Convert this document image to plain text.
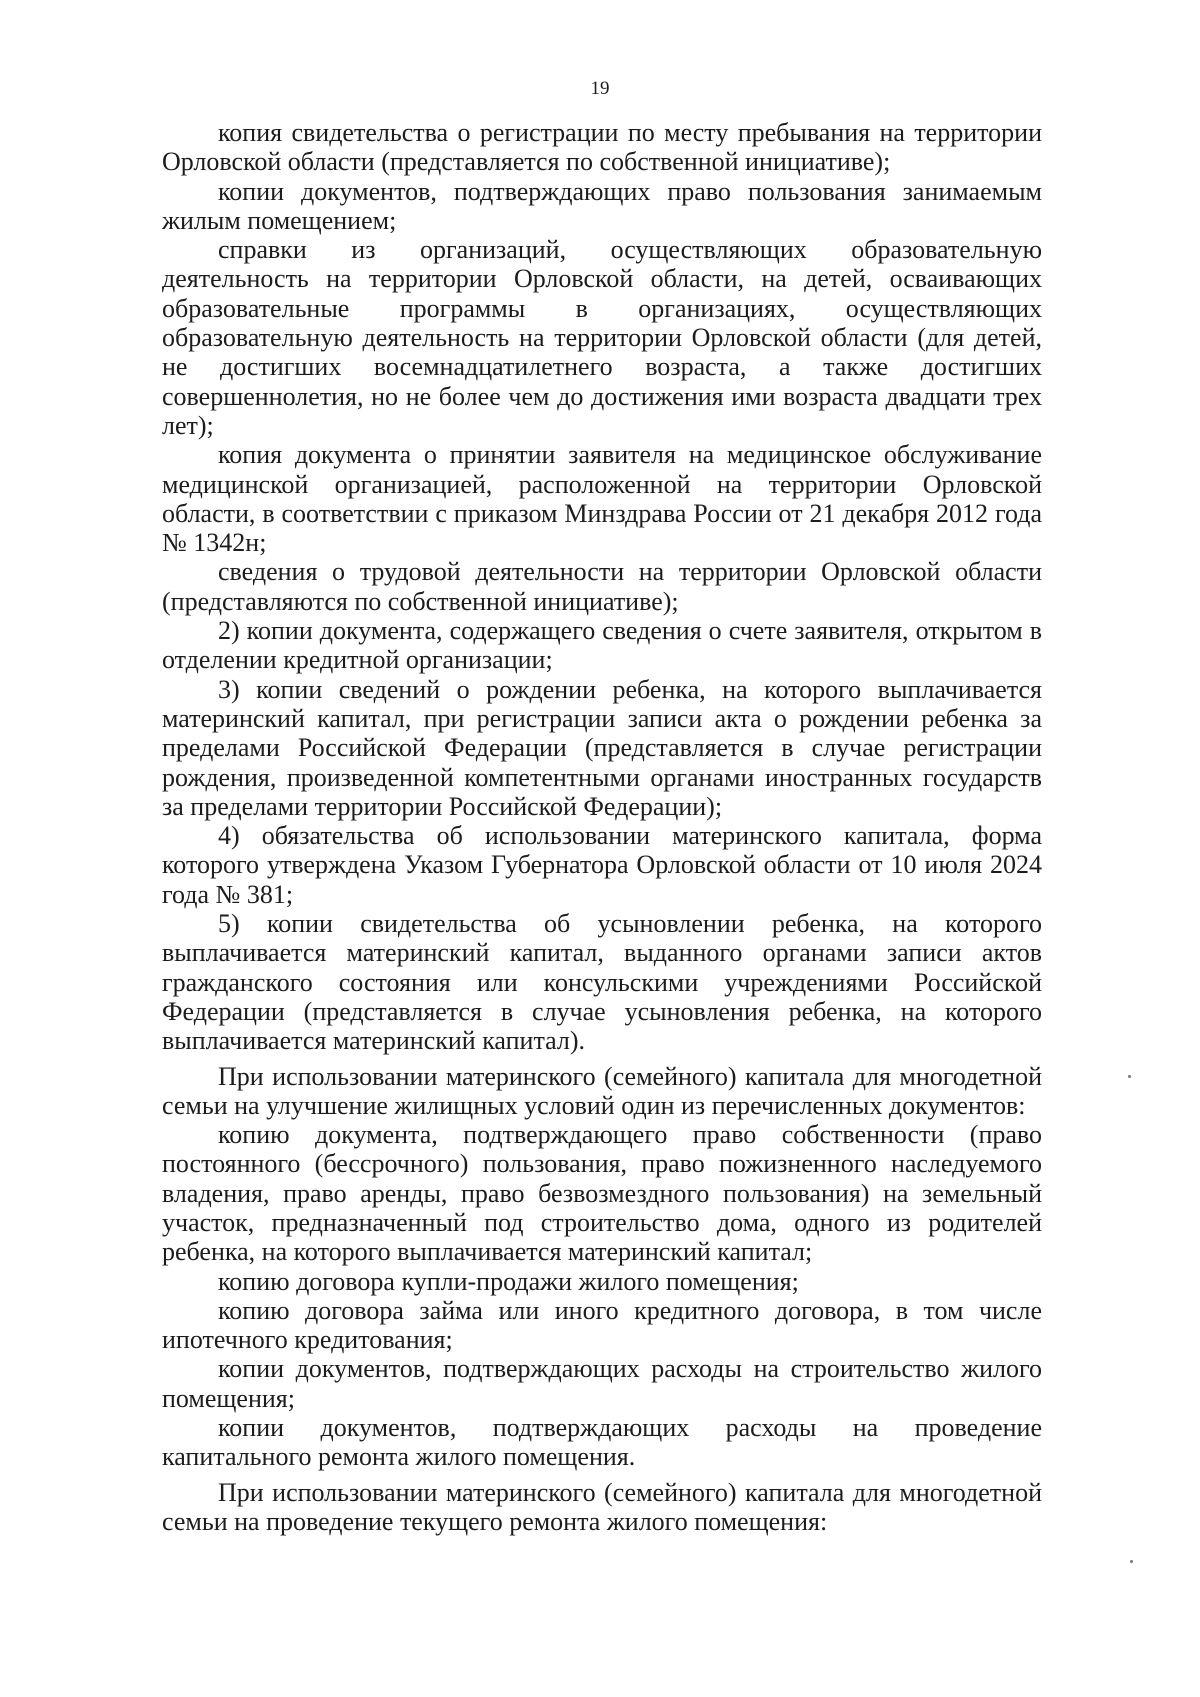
19

копия свидетельства о регистрации по месту пребывания на территории Орловской области (представляется по собственной инициативе);

копии документов, подтверждающих право пользования занимаемым жилым помещением;

справки из организаций, осуществляющих образовательную деятельность на территории Орловской области, на детей, осваивающих образовательные программы в организациях, осуществляющих образовательную деятельность на территории Орловской области (для детей, не достигших восемнадцатилетнего возраста, а также достигших совершеннолетия, но не более чем до достижения ими возраста двадцати трех лет);

копия документа о принятии заявителя на медицинское обслуживание медицинской организацией, расположенной на территории Орловской области, в соответствии с приказом Минздрава России от 21 декабря 2012 года № 1342н;

сведения о трудовой деятельности на территории Орловской области (представляются по собственной инициативе);

2) копии документа, содержащего сведения о счете заявителя, открытом в отделении кредитной организации;

3) копии сведений о рождении ребенка, на которого выплачивается материнский капитал, при регистрации записи акта о рождении ребенка за пределами Российской Федерации (представляется в случае регистрации рождения, произведенной компетентными органами иностранных государств за пределами территории Российской Федерации);

4) обязательства об использовании материнского капитала, форма которого утверждена Указом Губернатора Орловской области от 10 июля 2024 года № 381;

5) копии свидетельства об усыновлении ребенка, на которого выплачивается материнский капитал, выданного органами записи актов гражданского состояния или консульскими учреждениями Российской Федерации (представляется в случае усыновления ребенка, на которого выплачивается материнский капитал).

При использовании материнского (семейного) капитала для многодетной семьи на улучшение жилищных условий один из перечисленных документов:

копию документа, подтверждающего право собственности (право постоянного (бессрочного) пользования, право пожизненного наследуемого владения, право аренды, право безвозмездного пользования) на земельный участок, предназначенный под строительство дома, одного из родителей ребенка, на которого выплачивается материнский капитал;

копию договора купли-продажи жилого помещения;

копию договора займа или иного кредитного договора, в том числе ипотечного кредитования;

копии документов, подтверждающих расходы на строительство жилого помещения;

копии документов, подтверждающих расходы на проведение капитального ремонта жилого помещения.

При использовании материнского (семейного) капитала для многодетной семьи на проведение текущего ремонта жилого помещения:
